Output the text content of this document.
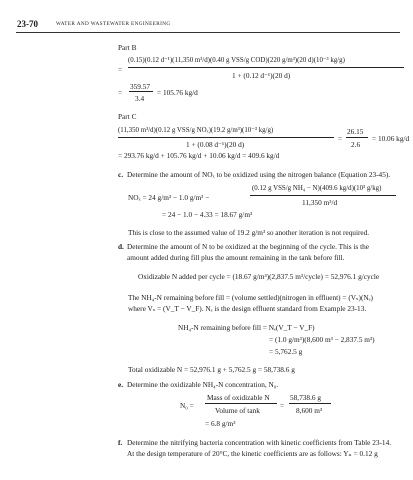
23-70	WATER AND WASTEWATER ENGINEERING
Part B
=
(0.15)(0.12 d⁻¹)(11,350 m³/d)(0.40 g VSS/g COD)(220 g/m³)(20 d)(10⁻³ kg/g)
1 + (0.12 d⁻¹)(20 d)
=
359.57
3.4
= 105.76 kg/d
Part C
(11,350 m³/d)(0.12 g VSS/g NOₓ)(19.2 g/m³)(10⁻³ kg/g)
1 + (0.08 d⁻¹)(20 d)
=
26.15
2.6
= 10.06 kg/d
= 293.76 kg/d + 105.76 kg/d + 10.06 kg/d = 409.6 kg/d
c. Determine the amount of NOₓ to be oxidized using the nitrogen balance (Equation 23-45).
NOₓ = 24 g/m³ − 1.0 g/m³ −
(0.12 g VSS/g NH₄ − N)(409.6 kg/d)(10³ g/kg)
11,350 m³/d
= 24 − 1.0 − 4.33 = 18.67 g/m³
This is close to the assumed value of 19.2 g/m³ so another iteration is not required.
d. Determine the amount of N to be oxidized at the beginning of the cycle. This is the
amount added during fill plus the amount remaining in the tank before fill.
Oxidizable N added per cycle = (18.67 g/m³)(2,837.5 m³/cycle) = 52,976.1 g/cycle
The NH₄-N remaining before fill = (volume settled)(nitrogen in effluent) = (Vₛ)(Nₑ)
where Vₛ = (V_T − V_F). Nₑ is the design effluent standard from Example 23-13.
NH₄-N remaining before fill = Nₑ(V_T − V_F)
= (1.0 g/m³)(8,600 m³ − 2,837.5 m³)
= 5,762.5 g
Total oxidizable N = 52,976.1 g + 5,762.5 g = 58,738.6 g
e. Determine the oxidizable NH₄-N concentration, N₀.
N₀ =
Mass of oxidizable N
Volume of tank
=
58,738.6 g
8,600 m³
= 6.8 g/m³
f. Determine the nitrifying bacteria concentration with kinetic coefficients from Table 23-14.
At the design temperature of 20°C, the kinetic coefficients are as follows: Yₙ = 0.12 g
